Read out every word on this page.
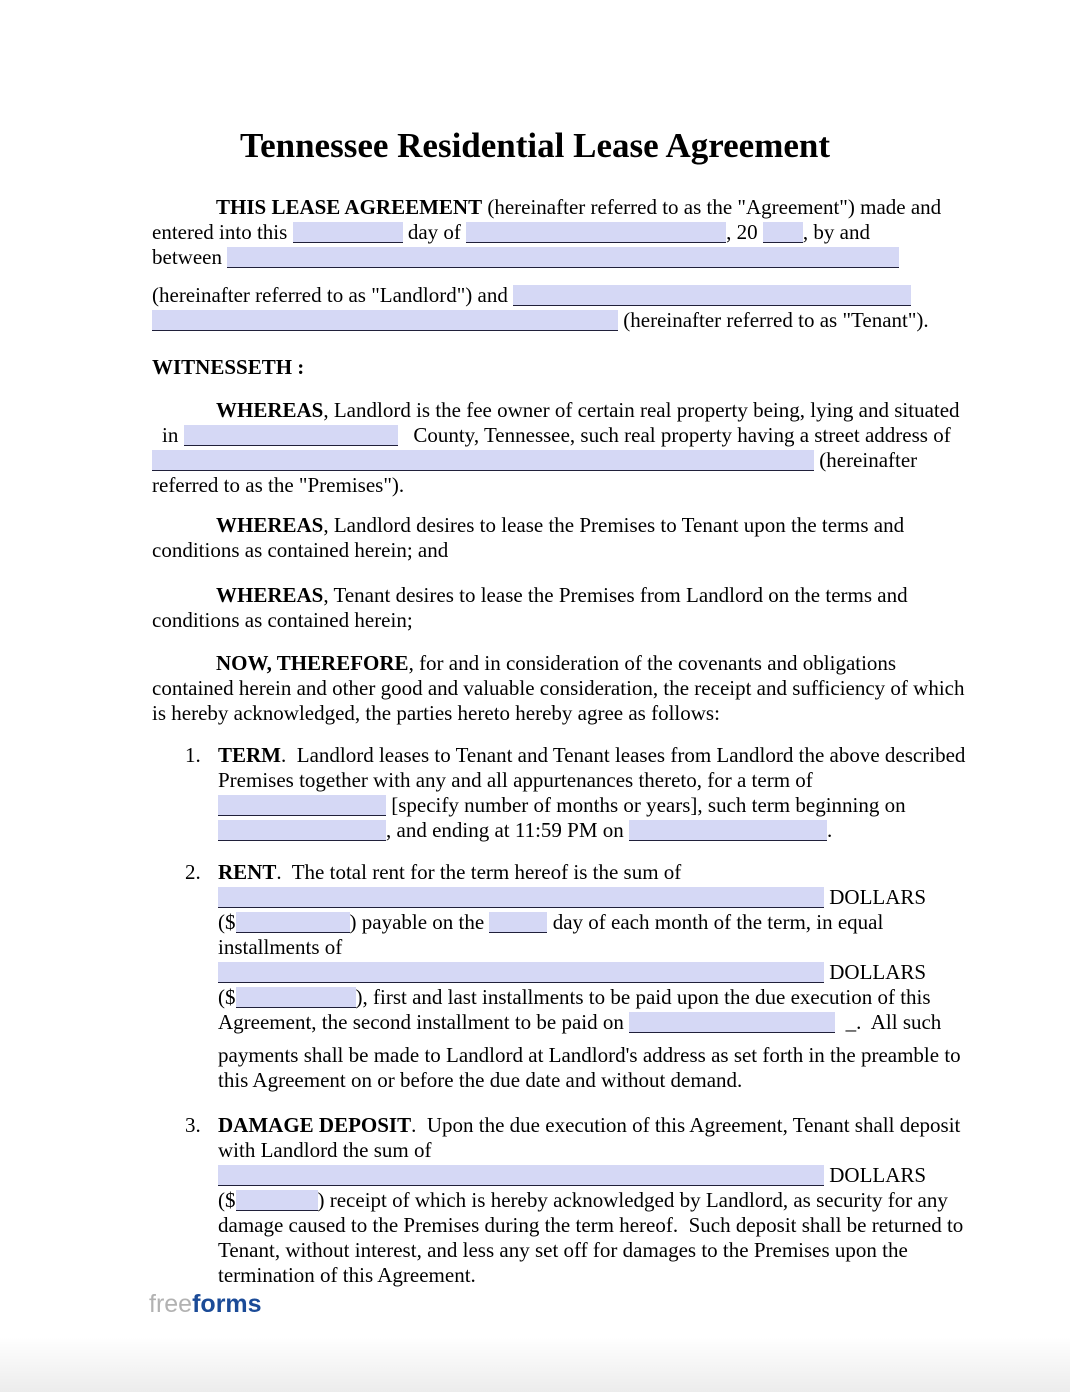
Tennessee Residential Lease Agreement
THIS LEASE AGREEMENT (hereinafter referred to as the "Agreement") made and
entered into this	day of	, 20 , by and
between
(hereinafter referred to as "Landlord") and
(hereinafter referred to as "Tenant").
WITNESSETH :
WHEREAS, Landlord is the fee owner of certain real property being, lying and situated
in	County, Tennessee, such real property having a street address of
(hereinafter
referred to as the "Premises").
WHEREAS, Landlord desires to lease the Premises to Tenant upon the terms and
conditions as contained herein; and
WHEREAS, Tenant desires to lease the Premises from Landlord on the terms and
conditions as contained herein;
NOW, THEREFORE, for and in consideration of the covenants and obligations
contained herein and other good and valuable consideration, the receipt and sufficiency of which
is hereby acknowledged, the parties hereto hereby agree as follows:
1. TERM.  Landlord leases to Tenant and Tenant leases from Landlord the above described
Premises together with any and all appurtenances thereto, for a term of
[specify number of months or years], such term beginning on
, and ending at 11:59 PM on	.
2. RENT.  The total rent for the term hereof is the sum of
DOLLARS
($	) payable on the	day of each month of the term, in equal
installments of
DOLLARS
($	), first and last installments to be paid upon the due execution of this
Agreement, the second installment to be paid on	_.  All such
payments shall be made to Landlord at Landlord's address as set forth in the preamble to
this Agreement on or before the due date and without demand.
3. DAMAGE DEPOSIT.  Upon the due execution of this Agreement, Tenant shall deposit
with Landlord the sum of
DOLLARS
($	) receipt of which is hereby acknowledged by Landlord, as security for any
damage caused to the Premises during the term hereof.  Such deposit shall be returned to
Tenant, without interest, and less any set off for damages to the Premises upon the
termination of this Agreement.
freeforms
